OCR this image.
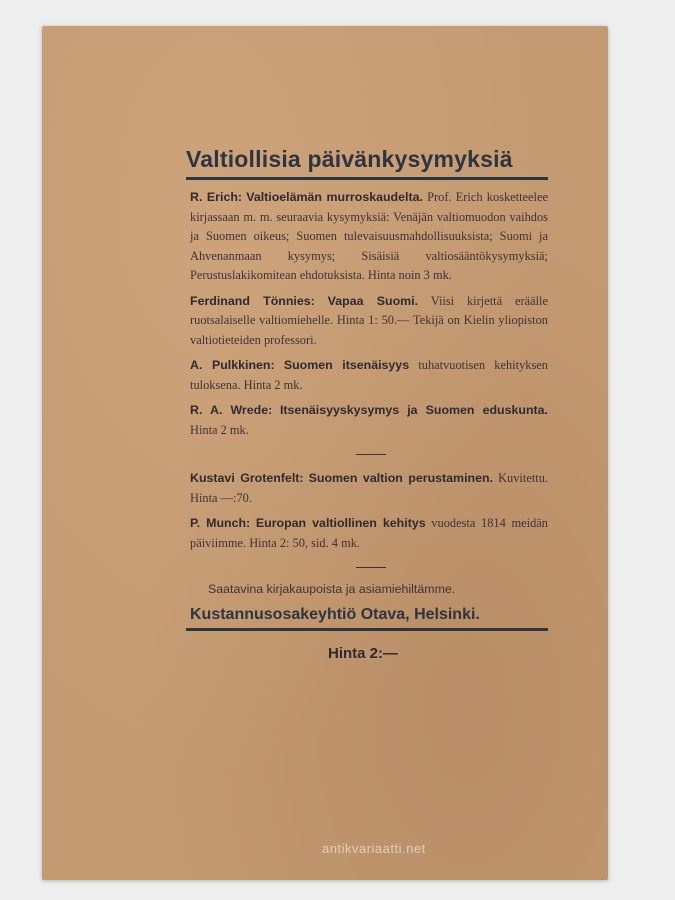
Valtiollisia päivänkysymyksiä
R. Erich: Valtioelämän murroskaudelta. Prof. Erich kosketteelee kirjassaan m. m. seuraavia kysymyksiä: Venäjän valtiomuodon vaihdos ja Suomen oikeus; Suomen tulevaisuusmahdollisuuksista; Suomi ja Ahvenanmaan kysymys; Sisäisiä valtiosääntökysymyksiä; Perustuslakikomitean ehdotuksista. Hinta noin 3 mk.
Ferdinand Tönnies: Vapaa Suomi. Viisi kirjettä eräälle ruotsalaiselle valtiomiehelle. Hinta 1: 50.— Tekijä on Kielin yliopiston valtiotieteiden professori.
A. Pulkkinen: Suomen itsenäisyys tuhatvuotisen kehityksen tuloksena. Hinta 2 mk.
R. A. Wrede: Itsenäisyyskysymys ja Suomen eduskunta. Hinta 2 mk.
Kustavi Grotenfelt: Suomen valtion perustaminen. Kuvitettu. Hinta —:70.
P. Munch: Europan valtiollinen kehitys vuodesta 1814 meidän päiviimme. Hinta 2: 50, sid. 4 mk.
Saatavina kirjakaupoista ja asiamiehiltämme.
Kustannusosakeyhtiö Otava, Helsinki.
Hinta 2:—
antikvariaatti.net
